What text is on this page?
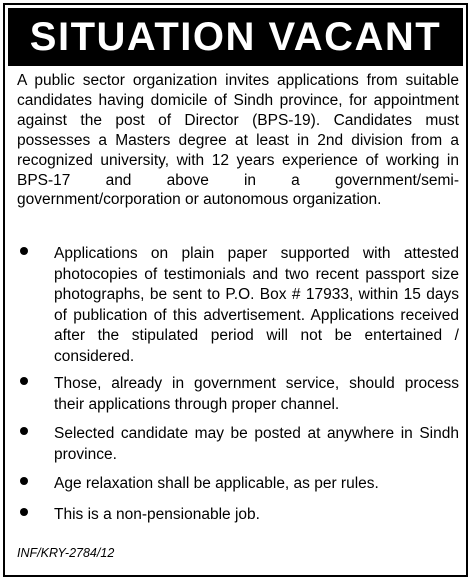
SITUATION VACANT

A public sector organization invites applications from suitable candidates having domicile of Sindh province, for appointment against the post of Director (BPS-19). Candidates must possesses a Masters degree at least in 2nd division from a recognized university, with 12 years experience of working in BPS-17 and above in a government/semi-government/corporation or autonomous organization.

Applications on plain paper supported with attested photocopies of testimonials and two recent passport size photographs, be sent to P.O. Box # 17933, within 15 days of publication of this advertisement. Applications received after the stipulated period will not be entertained / considered.
Those, already in government service, should process their applications through proper channel.
Selected candidate may be posted at anywhere in Sindh province.
Age relaxation shall be applicable, as per rules.
This is a non-pensionable job.
INF/KRY-2784/12
